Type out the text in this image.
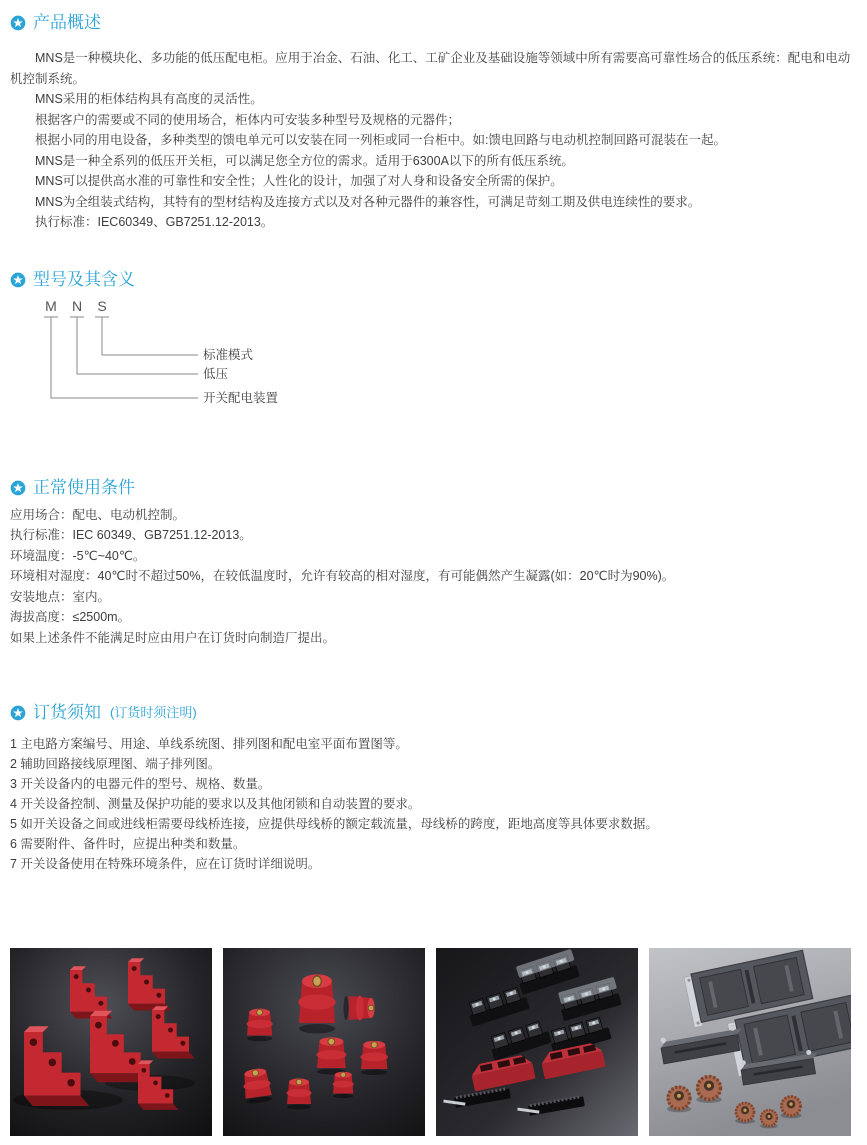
产品概述

MNS是一种模块化、多功能的低压配电柜。应用于冶金、石油、化工、工矿企业及基础设施等领域中所有需要高可靠性场合的低压系统：配电和电动机控制系统。

MNS采用的柜体结构具有高度的灵活性。

根据客户的需要或不同的使用场合，柜体内可安装多种型号及规格的元器件；

根据小同的用电设备，多种类型的馈电单元可以安装在同一列柜或同一台柜中。如:馈电回路与电动机控制回路可混装在一起。

MNS是一种全系列的低压开关柜，可以满足您全方位的需求。适用于6300A以下的所有低压系统。

MNS可以提供高水准的可靠性和安全性；人性化的设计，加强了对人身和设备安全所需的保护。

MNS为全组装式结构，其特有的型材结构及连接方式以及对各种元器件的兼容性，可满足苛刻工期及供电连续性的要求。

执行标准：IEC60349、GB7251.12-2013。

型号及其含义
M N S
标准模式
低压
开关配电装置
正常使用条件

应用场合：配电、电动机控制。

执行标准：IEC 60349、GB7251.12-2013。

环境温度：-5℃~40℃。

环境相对湿度：40℃时不超过50%，在较低温度时，允许有较高的相对湿度，有可能偶然产生凝露(如：20℃时为90%)。

安装地点：室内。

海拔高度：≤2500m。

如果上述条件不能满足时应由用户在订货时向制造厂提出。

订货须知 (订货时须注明)
1 主电路方案编号、用途、单线系统图、排列图和配电室平面布置图等。
2 辅助回路接线原理图、端子排列图。
3 开关设备内的电器元件的型号、规格、数量。
4 开关设备控制、测量及保护功能的要求以及其他闭锁和自动装置的要求。
5 如开关设备之间或进线柜需要母线桥连接，应提供母线桥的额定载流量，母线桥的跨度，距地高度等具体要求数据。
6 需要附件、备件时，应提出种类和数量。
7 开关设备使用在特殊环境条件，应在订货时详细说明。
